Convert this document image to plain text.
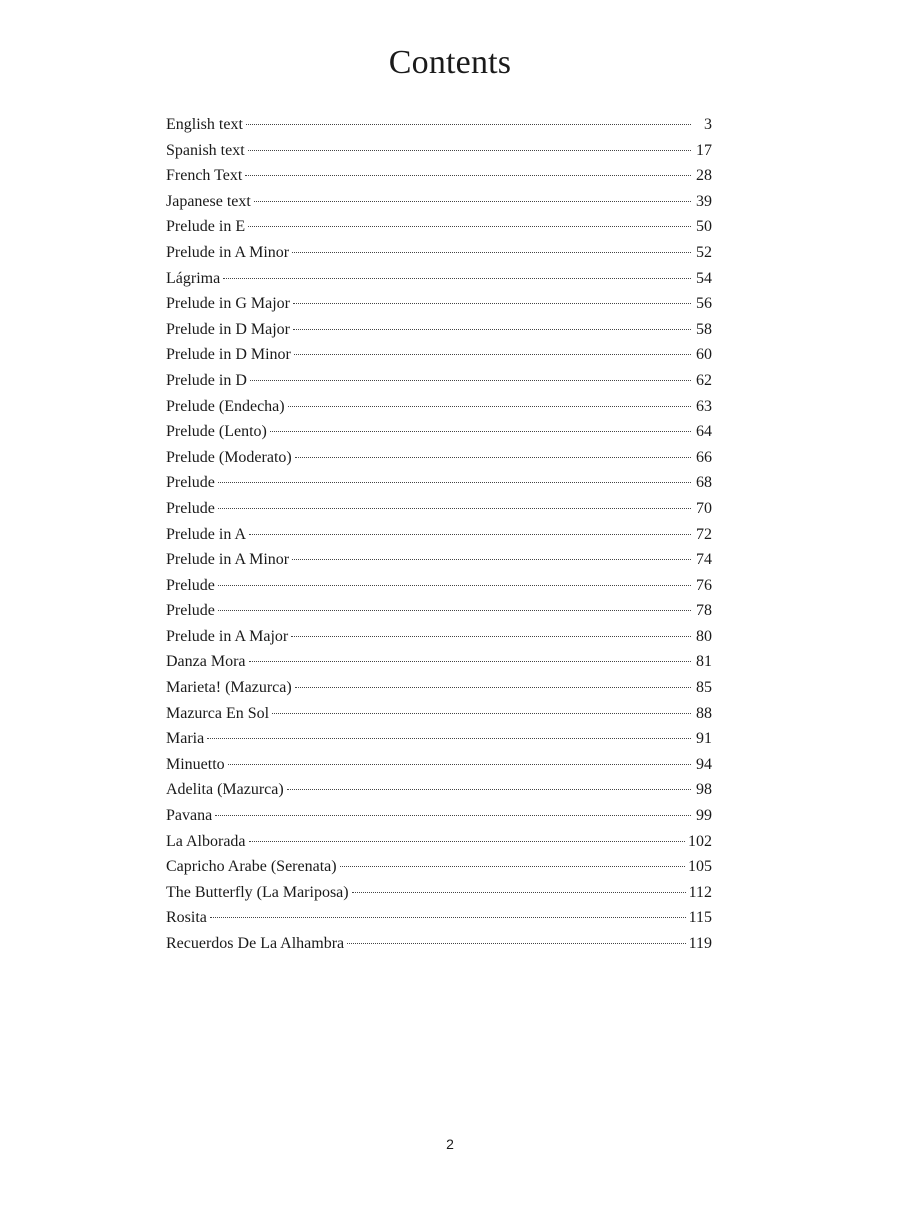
Contents
English text	3
Spanish text	17
French Text	28
Japanese text	39
Prelude in E	50
Prelude in A Minor	52
Lágrima	54
Prelude in G Major	56
Prelude in D Major	58
Prelude in D Minor	60
Prelude in D	62
Prelude (Endecha)	63
Prelude (Lento)	64
Prelude (Moderato)	66
Prelude	68
Prelude	70
Prelude in A	72
Prelude in A Minor	74
Prelude	76
Prelude	78
Prelude in A Major	80
Danza Mora	81
Marieta! (Mazurca)	85
Mazurca En Sol	88
Maria	91
Minuetto	94
Adelita (Mazurca)	98
Pavana	99
La Alborada	102
Capricho Arabe (Serenata)	105
The Butterfly (La Mariposa)	112
Rosita	115
Recuerdos De La Alhambra	119
2
